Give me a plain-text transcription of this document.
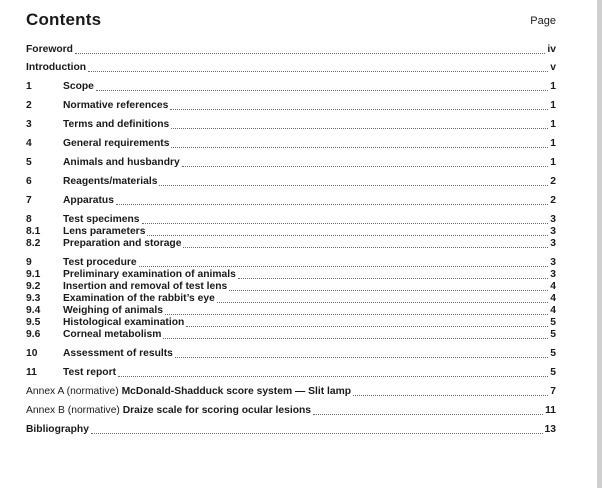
Contents	Page
Foreword	iv
Introduction	v
1	Scope	1
2	Normative references	1
3	Terms and definitions	1
4	General requirements	1
5	Animals and husbandry	1
6	Reagents/materials	2
7	Apparatus	2
8	Test specimens	3
8.1	Lens parameters	3
8.2	Preparation and storage	3
9	Test procedure	3
9.1	Preliminary examination of animals	3
9.2	Insertion and removal of test lens	4
9.3	Examination of the rabbit’s eye	4
9.4	Weighing of animals	4
9.5	Histological examination	5
9.6	Corneal metabolism	5
10	Assessment of results	5
11	Test report	5
Annex A (normative) McDonald-Shadduck score system — Slit lamp	7
Annex B (normative) Draize scale for scoring ocular lesions	11
Bibliography	13
